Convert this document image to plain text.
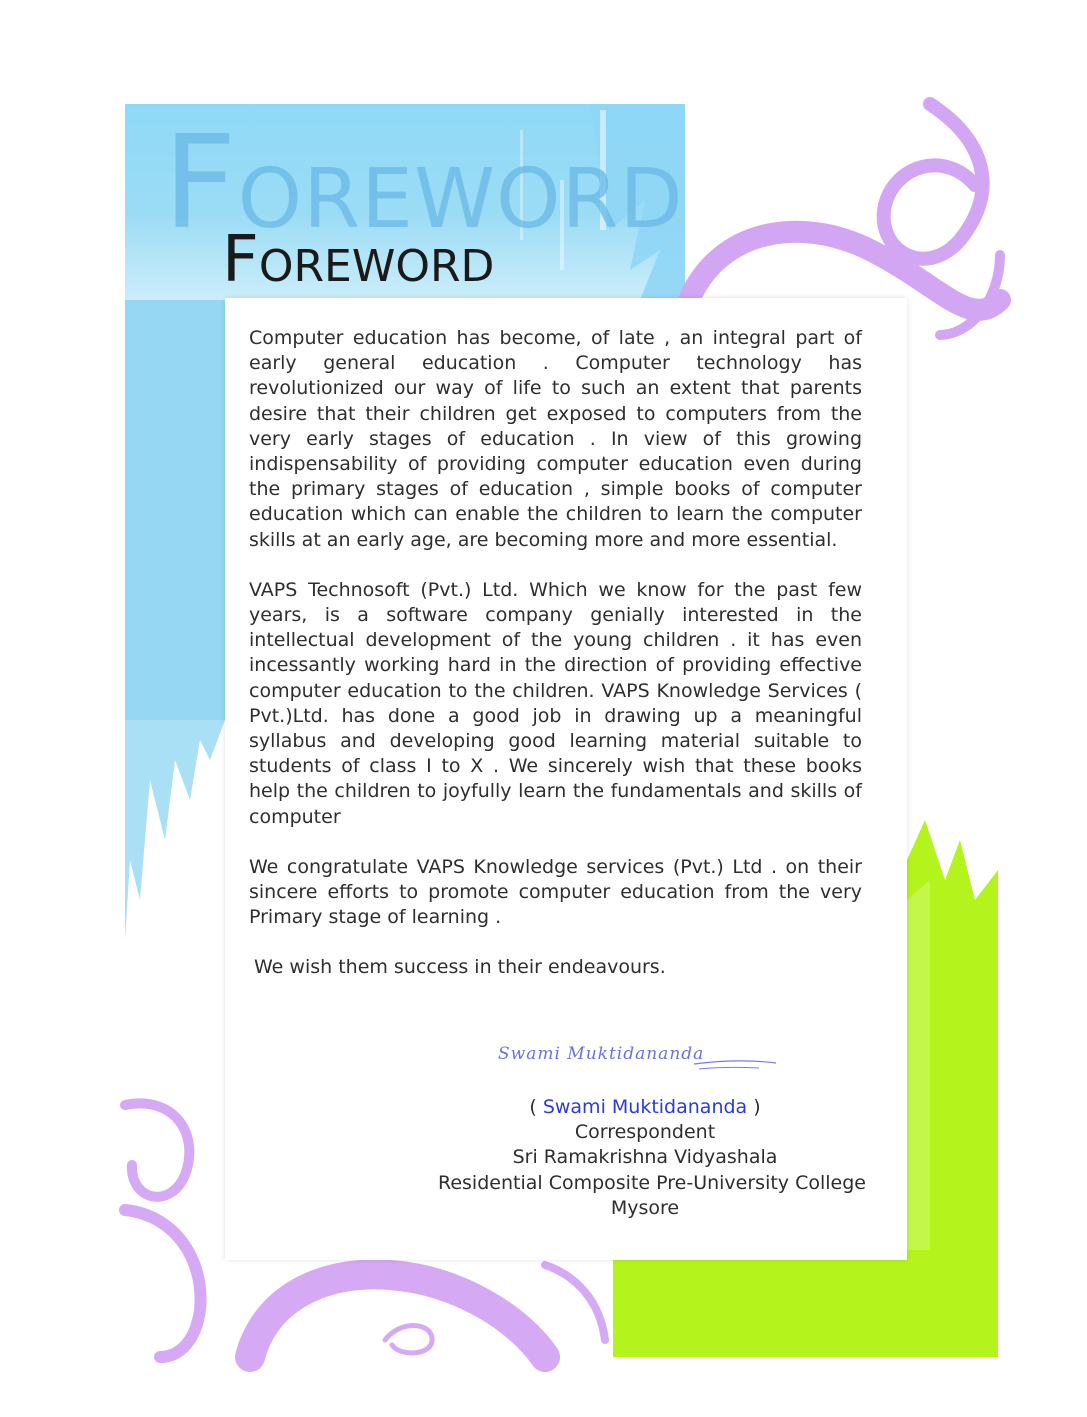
FOREWORD
FOREWORD

Computer education has become, of late , an integral part of early general education . Computer technology has revolutionized our way of life to such an extent that parents desire that their children get exposed to computers from the very early stages of education . In view of this growing indispensability of providing computer education even during the primary stages of education , simple books of computer education which can enable the children to learn the computer skills at an early age, are becoming more and more essential.

VAPS Technosoft (Pvt.) Ltd. Which we know for the past few years, is a software company genially interested in the intellectual development of the young children . it has even incessantly working hard in the direction of providing effective computer education to the children. VAPS Knowledge Services ( Pvt.)Ltd. has done a good job in drawing up a meaningful syllabus and developing good learning material suitable to students of class I to X . We sincerely wish that these books help the children to joyfully learn the fundamentals and skills of computer

We congratulate VAPS Knowledge services (Pvt.) Ltd . on their sincere efforts to promote computer education from the very Primary stage of learning .

We wish them success in their endeavours.

Swami Muktidananda
( Swami Muktidananda )
Correspondent
Sri Ramakrishna Vidyashala
Residential Composite Pre-University College
Mysore
